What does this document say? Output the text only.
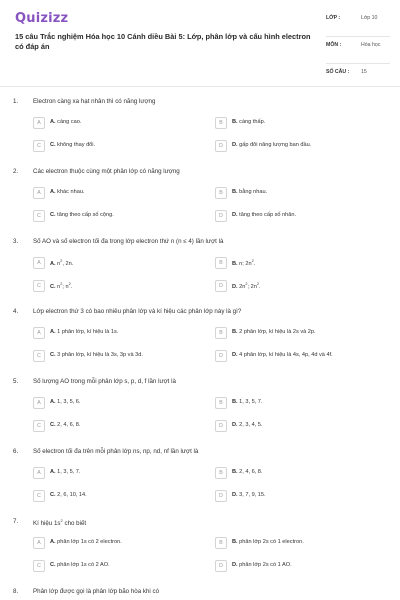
Quizizz
15 câu Trắc nghiệm Hóa học 10 Cánh diều Bài 5: Lớp, phân lớp và cấu hình electron có đáp án
LỚP :	Lớp 10
MÔN :	Hóa học
SỐ CÂU :	15
1. Electron càng xa hạt nhân thì có năng lượng
A	A. càng cao.	B	B. càng thấp.
C	C. không thay đổi.	D	D. gấp đôi năng lượng ban đầu.
2. Các electron thuộc cùng một phân lớp có năng lượng
A	A. khác nhau.	B	B. bằng nhau.
C	C. tăng theo cấp số cộng.	D	D. tăng theo cấp số nhân.
3. Số AO và số electron tối đa trong lớp electron thứ n (n ≤ 4) lần lượt là
A	A. $n^2$, 2n.	B	B. n; $2n^2$.
C	C. $n^2$; $n^2$.	D	D. $2n^2$; $2n^2$.
4. Lớp electron thứ 3 có bao nhiêu phân lớp và kí hiệu các phân lớp này là gì?
A	A. 1 phân lớp, kí hiệu là 1s.	B	B. 2 phân lớp, kí hiệu là 2s và 2p.
C	C. 3 phân lớp, kí hiệu là 3s, 3p và 3d.	D	D. 4 phân lớp, kí hiệu là 4s, 4p, 4d và 4f.
5. Số lượng AO trong mỗi phân lớp s, p, d, f lần lượt là
A	A. 1, 3, 5, 6.	B	B. 1, 3, 5, 7.
C	C. 2, 4, 6, 8.	D	D. 2, 3, 4, 5.
6. Số electron tối đa trên mỗi phân lớp ns, np, nd, nf lần lượt là
A	A. 1, 3, 5, 7.	B	B. 2, 4, 6, 8.
C	C. 2, 6, 10, 14.	D	D. 3, 7, 9, 15.
7. Kí hiệu $1s^2$ cho biết
A	A. phân lớp 1s có 2 electron.	B	B. phân lớp 2s có 1 electron.
C	C. phân lớp 1s có 2 AO.	D	D. phân lớp 2s có 1 AO.
8. Phân lớp được gọi là phân lớp bão hòa khi có
